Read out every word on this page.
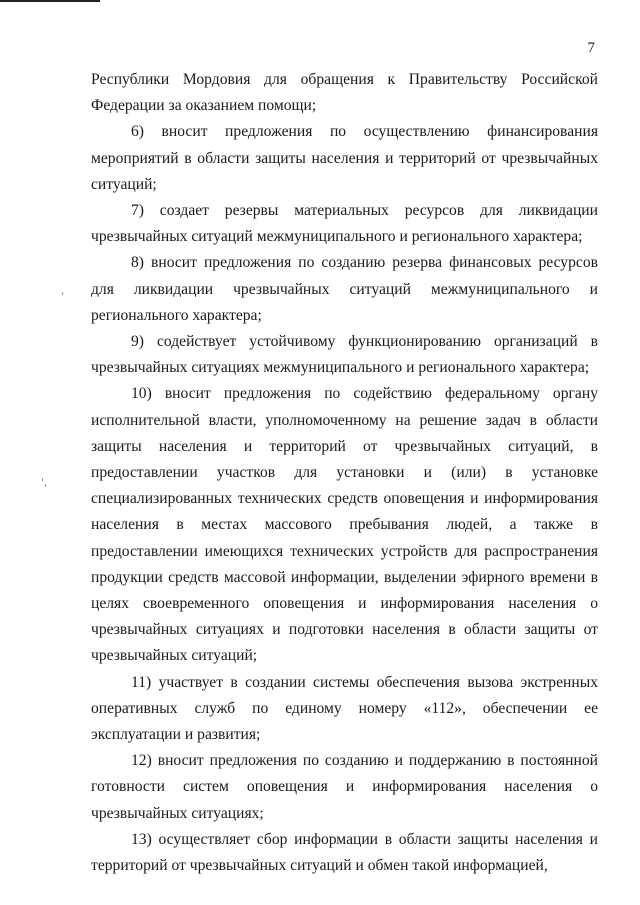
7

Республики Мордовия для обращения к Правительству Российской Федерации за оказанием помощи;

6) вносит предложения по осуществлению финансирования мероприятий в области защиты населения и территорий от чрезвычайных ситуаций;

7) создает резервы материальных ресурсов для ликвидации чрезвычайных ситуаций межмуниципального и регионального характера;

8) вносит предложения по созданию резерва финансовых ресурсов для ликвидации чрезвычайных ситуаций межмуниципального и регионального характера;

9) содействует устойчивому функционированию организаций в чрезвычайных ситуациях межмуниципального и регионального характера;

10) вносит предложения по содействию федеральному органу исполнительной власти, уполномоченному на решение задач в области защиты населения и территорий от чрезвычайных ситуаций, в предоставлении участков для установки и (или) в установке специализированных технических средств оповещения и информирования населения в местах массового пребывания людей, а также в предоставлении имеющихся технических устройств для распространения продукции средств массовой информации, выделении эфирного времени в целях своевременного оповещения и информирования населения о чрезвычайных ситуациях и подготовки населения в области защиты от чрезвычайных ситуаций;

11) участвует в создании системы обеспечения вызова экстренных оперативных служб по единому номеру «112», обеспечении ее эксплуатации и развития;

12) вносит предложения по созданию и поддержанию в постоянной готовности систем оповещения и информирования населения о чрезвычайных ситуациях;

13) осуществляет сбор информации в области защиты населения и территорий от чрезвычайных ситуаций и обмен такой информацией,
